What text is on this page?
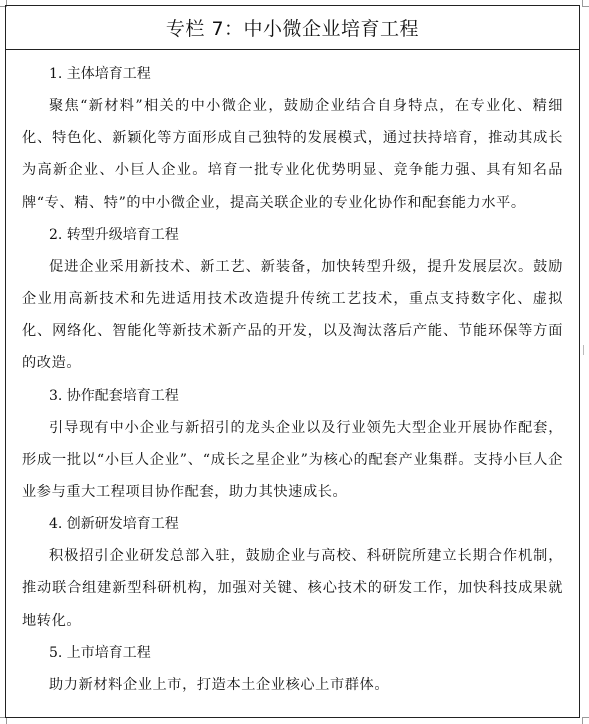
专栏 7：中小微企业培育工程
1. 主体培育工程

聚焦“新材料”相关的中小微企业，鼓励企业结合自身特点，在专业化、精细化、特色化、新颖化等方面形成自己独特的发展模式，通过扶持培育，推动其成长为高新企业、小巨人企业。培育一批专业化优势明显、竞争能力强、具有知名品牌“专、精、特”的中小微企业，提高关联企业的专业化协作和配套能力水平。

2. 转型升级培育工程

促进企业采用新技术、新工艺、新装备，加快转型升级，提升发展层次。鼓励企业用高新技术和先进适用技术改造提升传统工艺技术，重点支持数字化、虚拟化、网络化、智能化等新技术新产品的开发，以及淘汰落后产能、节能环保等方面的改造。

3. 协作配套培育工程

引导现有中小企业与新招引的龙头企业以及行业领先大型企业开展协作配套，形成一批以“小巨人企业”、“成长之星企业”为核心的配套产业集群。支持小巨人企业参与重大工程项目协作配套，助力其快速成长。

4. 创新研发培育工程

积极招引企业研发总部入驻，鼓励企业与高校、科研院所建立长期合作机制，推动联合组建新型科研机构，加强对关键、核心技术的研发工作，加快科技成果就地转化。

5. 上市培育工程

助力新材料企业上市，打造本土企业核心上市群体。
